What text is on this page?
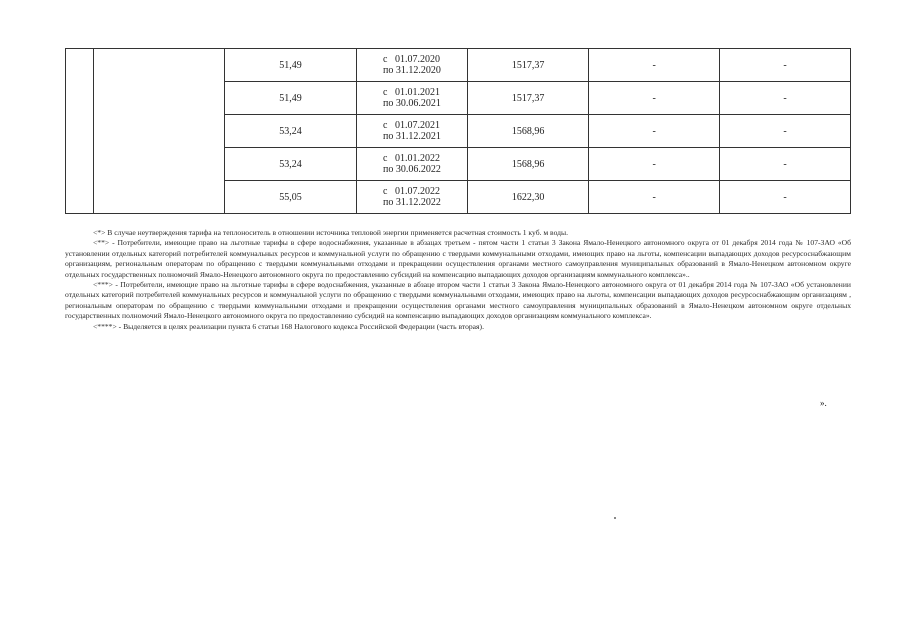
		51,49	с 01.07.2020
по 31.12.2020	1517,37	-	-
		51,49	с 01.01.2021
по 30.06.2021	1517,37	-	-
		53,24	с 01.07.2021
по 31.12.2021	1568,96	-	-
		53,24	с 01.01.2022
по 30.06.2022	1568,96	-	-
		55,05	с 01.07.2022
по 31.12.2022	1622,30	-	-

<*> В случае неутверждения тарифа на теплоноситель в отношении источника тепловой энергии применяется расчетная стоимость 1 куб. м воды.

<**> - Потребители, имеющие право на льготные тарифы в сфере водоснабжения, указанные в абзацах третьем - пятом части 1 статьи 3 Закона Ямало-Ненецкого автономного округа от 01 декабря 2014 года № 107-ЗАО «Об установлении отдельных категорий потребителей коммунальных ресурсов и коммунальной услуги по обращению с твердыми коммунальными отходами, имеющих право на льготы, компенсации выпадающих доходов ресурсоснабжающим организациям, региональным операторам по обращению с твердыми коммунальными отходами и прекращении осуществления органами местного самоуправления муниципальных образований в Ямало-Ненецком автономном округе отдельных государственных полномочий Ямало-Ненецкого автономного округа по предоставлению субсидий на компенсацию выпадающих доходов организациям коммунального комплекса»..

<***> - Потребители, имеющие право на льготные тарифы в сфере водоснабжения, указанные в абзаце втором части 1 статьи 3 Закона Ямало-Ненецкого автономного округа от 01 декабря 2014 года № 107-ЗАО «Об установлении отдельных категорий потребителей коммунальных ресурсов и коммунальной услуги по обращению с твердыми коммунальными отходами, имеющих право на льготы, компенсации выпадающих доходов ресурсоснабжающим организациям , региональным операторам по обращению с твердыми коммунальными отходами и прекращении осуществления органами местного самоуправления муниципальных образований в Ямало-Ненецком автономном округе отдельных государственных полномочий Ямало-Ненецкого автономного округа по предоставлению субсидий на компенсацию выпадающих доходов организациям коммунального комплекса».

<****> - Выделяется в целях реализации пункта 6 статьи 168 Налогового кодекса Российской Федерации (часть вторая).

».
